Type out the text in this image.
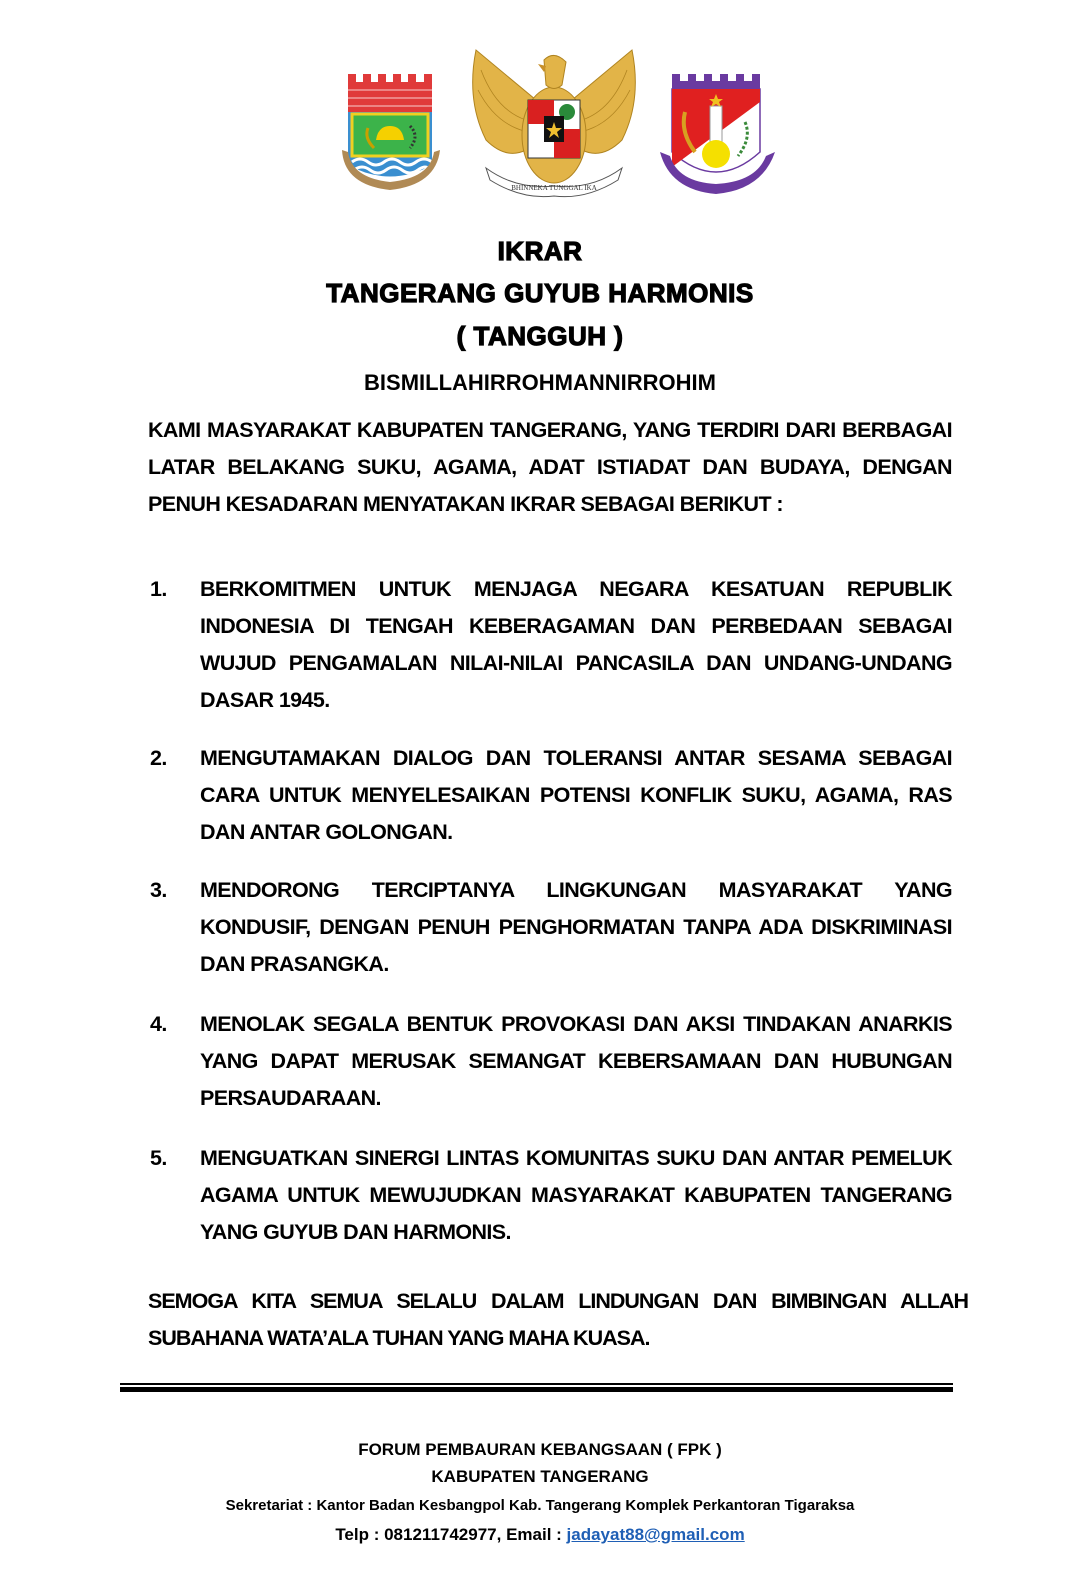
BHINNEKA TUNGGAL IKA
IKRAR
TANGERANG GUYUB HARMONIS
( TANGGUH )
BISMILLAHIRROHMANNIRROHIM
KAMI MASYARAKAT KABUPATEN TANGERANG, YANG TERDIRI DARI BERBAGAI LATAR BELAKANG SUKU, AGAMA, ADAT ISTIADAT DAN BUDAYA, DENGAN PENUH KESADARAN MENYATAKAN IKRAR SEBAGAI BERIKUT :
1. BERKOMITMEN UNTUK MENJAGA NEGARA KESATUAN REPUBLIK INDONESIA DI TENGAH KEBERAGAMAN DAN PERBEDAAN SEBAGAI WUJUD PENGAMALAN NILAI-NILAI PANCASILA DAN UNDANG-UNDANG DASAR 1945.
2. MENGUTAMAKAN DIALOG DAN TOLERANSI ANTAR SESAMA SEBAGAI CARA UNTUK MENYELESAIKAN POTENSI KONFLIK SUKU, AGAMA, RAS DAN ANTAR GOLONGAN.
3. MENDORONG TERCIPTANYA LINGKUNGAN MASYARAKAT YANG KONDUSIF, DENGAN PENUH PENGHORMATAN TANPA ADA DISKRIMINASI DAN PRASANGKA.
4. MENOLAK SEGALA BENTUK PROVOKASI DAN AKSI TINDAKAN ANARKIS YANG DAPAT MERUSAK SEMANGAT KEBERSAMAAN DAN HUBUNGAN PERSAUDARAAN.
5. MENGUATKAN SINERGI LINTAS KOMUNITAS SUKU DAN ANTAR PEMELUK AGAMA UNTUK MEWUJUDKAN MASYARAKAT KABUPATEN TANGERANG YANG GUYUB DAN HARMONIS.
SEMOGA KITA SEMUA SELALU DALAM LINDUNGAN DAN BIMBINGAN ALLAH SUBAHANA WATA’ALA TUHAN YANG MAHA KUASA.
FORUM PEMBAURAN KEBANGSAAN ( FPK )
KABUPATEN TANGERANG
Sekretariat : Kantor Badan Kesbangpol Kab. Tangerang Komplek Perkantoran Tigaraksa
Telp : 081211742977, Email : jadayat88@gmail.com
